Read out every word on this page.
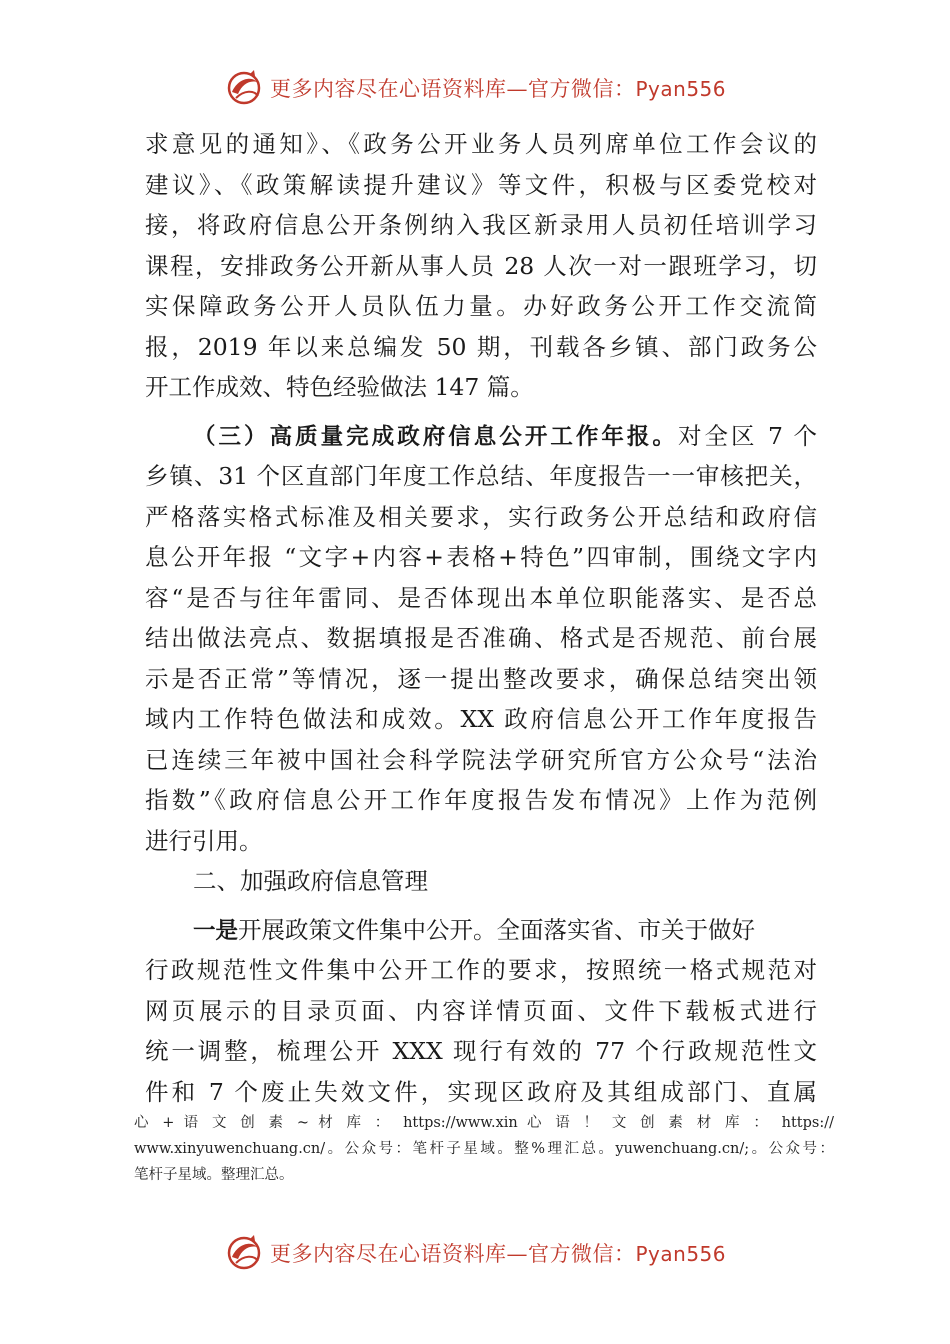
更多内容尽在心语资料库—官方微信：Pyan556
求意见的通知》、《政务公开业务人员列席单位工作会议的
建议》、《政策解读提升建议》等文件，积极与区委党校对
接，将政府信息公开条例纳入我区新录用人员初任培训学习
课程，安排政务公开新从事人员 28 人次一对一跟班学习，切
实保障政务公开人员队伍力量。办好政务公开工作交流简
报，2019 年以来总编发 50 期，刊载各乡镇、部门政务公
开工作成效、特色经验做法 147 篇。
（三）高质量完成政府信息公开工作年报。对全区 7 个
乡镇、31 个区直部门年度工作总结、年度报告一一审核把关，
严格落实格式标准及相关要求，实行政务公开总结和政府信
息公开年报 “文字+内容+表格+特色”四审制，围绕文字内
容“是否与往年雷同、是否体现出本单位职能落实、是否总
结出做法亮点、数据填报是否准确、格式是否规范、前台展
示是否正常”等情况，逐一提出整改要求，确保总结突出领
域内工作特色做法和成效。XX 政府信息公开工作年度报告
已连续三年被中国社会科学院法学研究所官方公众号“法治
指数”《政府信息公开工作年度报告发布情况》上作为范例
进行引用。
二、加强政府信息管理
一是开展政策文件集中公开。全面落实省、市关于做好
行政规范性文件集中公开工作的要求，按照统一格式规范对
网页展示的目录页面、内容详情页面、文件下载板式进行
统一调整，梳理公开 XXX 现行有效的 77 个行政规范性文
件和 7 个废止失效文件，实现区政府及其组成部门、直属
心 + 语 文 创 素 ~ 材 库 ： https://www.xin 心 语 ！ 文 创 素 材 库 ： https://
www.xinyuwenchuang.cn/。公众号：笔杆子星域。整%理汇总。yuwenchuang.cn/;。公众号：
笔杆子星域。整理汇总。
更多内容尽在心语资料库—官方微信：Pyan556
